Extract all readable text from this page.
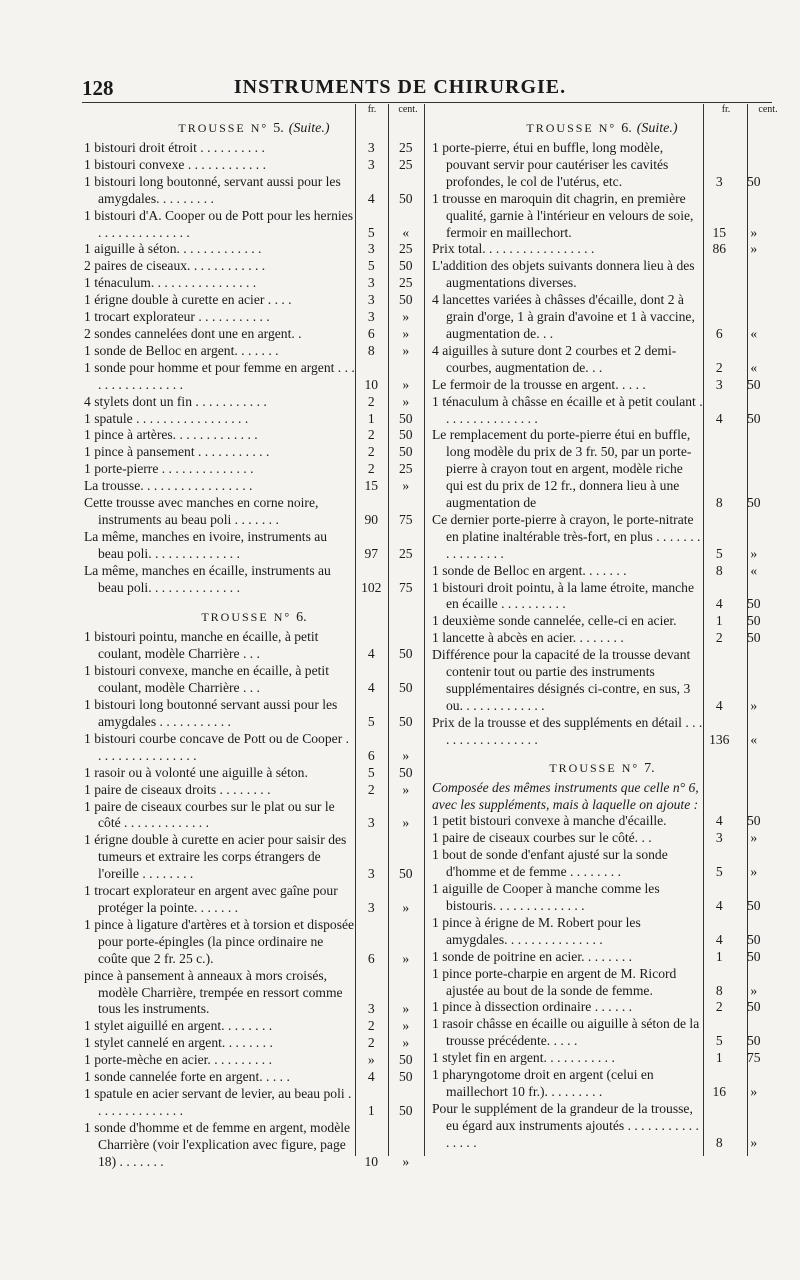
128	INSTRUMENTS DE CHIRURGIE.
fr.	cent.	fr.	cent.
TROUSSE N° 5. (Suite.)
1 bistouri droit étroit . . . . . . . . . .	3	25
1 bistouri convexe . . . . . . . . . . . .	3	25
1 bistouri long boutonné, servant aussi pour les amygdales. . . . . . . . .	4	50
1 bistouri d'A. Cooper ou de Pott pour les hernies . . . . . . . . . . . . . .	5	«
1 aiguille à séton. . . . . . . . . . . . .	3	25
2 paires de ciseaux. . . . . . . . . . . .	5	50
1 ténaculum. . . . . . . . . . . . . . . .	3	25
1 érigne double à curette en acier . . . .	3	50
1 trocart explorateur . . . . . . . . . . .	3	»
2 sondes cannelées dont une en argent. .	6	»
1 sonde de Belloc en argent. . . . . . .	8	»
1 sonde pour homme et pour femme en argent . . . . . . . . . . . . . . . .	10	»
4 stylets dont un fin . . . . . . . . . . .	2	»
1 spatule . . . . . . . . . . . . . . . . .	1	50
1 pince à artères. . . . . . . . . . . . .	2	50
1 pince à pansement . . . . . . . . . . .	2	50
1 porte-pierre . . . . . . . . . . . . . .	2	25
La trousse. . . . . . . . . . . . . . . . .	15	»
Cette trousse avec manches en corne noire, instruments au beau poli . . . . . . .	90	75
La même, manches en ivoire, instruments au beau poli. . . . . . . . . . . . . .	97	25
La même, manches en écaille, instruments au beau poli. . . . . . . . . . . . . .	102	75
TROUSSE N° 6.
1 bistouri pointu, manche en écaille, à petit coulant, modèle Charrière . . .	4	50
1 bistouri convexe, manche en écaille, à petit coulant, modèle Charrière . . .	4	50
1 bistouri long boutonné servant aussi pour les amygdales . . . . . . . . . . .	5	50
1 bistouri courbe concave de Pott ou de Cooper . . . . . . . . . . . . . . . .	6	»
1 rasoir ou à volonté une aiguille à séton.	5	50
1 paire de ciseaux droits . . . . . . . .	2	»
1 paire de ciseaux courbes sur le plat ou sur le côté . . . . . . . . . . . . .	3	»
1 érigne double à curette en acier pour saisir des tumeurs et extraire les corps étrangers de l'oreille . . . . . . . .	3	50
1 trocart explorateur en argent avec gaîne pour protéger la pointe. . . . . . .	3	»
1 pince à ligature d'artères et à torsion et disposée pour porte-épingles (la pince ordinaire ne coûte que 2 fr. 25 c.).	6	»
pince à pansement à anneaux à mors croisés, modèle Charrière, trempée en ressort comme tous les instruments.	3	»
1 stylet aiguillé en argent. . . . . . . .	2	»
1 stylet cannelé en argent. . . . . . . .	2	»
1 porte-mèche en acier. . . . . . . . . .	»	50
1 sonde cannelée forte en argent. . . . .	4	50
1 spatule en acier servant de levier, au beau poli . . . . . . . . . . . . . .	1	50
1 sonde d'homme et de femme en argent, modèle Charrière (voir l'explication avec figure, page 18) . . . . . . .	10	»
TROUSSE N° 6. (Suite.)
1 porte-pierre, étui en buffle, long modèle, pouvant servir pour cautériser les cavités profondes, le col de l'utérus, etc.	3	50
1 trousse en maroquin dit chagrin, en première qualité, garnie à l'intérieur en velours de soie, fermoir en maillechort.	15	»
Prix total. . . . . . . . . . . . . . . . .	86	»
L'addition des objets suivants donnera lieu à des augmentations diverses.
4 lancettes variées à châsses d'écaille, dont 2 à grain d'orge, 1 à grain d'avoine et 1 à vaccine, augmentation de. . .	6	«
4 aiguilles à suture dont 2 courbes et 2 demi-courbes, augmentation de. . .	2	«
Le fermoir de la trousse en argent. . . . .	3	50
1 ténaculum à châsse en écaille et à petit coulant . . . . . . . . . . . . . . .	4	50
Le remplacement du porte-pierre étui en buffle, long modèle du prix de 3 fr. 50, par un porte-pierre à crayon tout en argent, modèle riche qui est du prix de 12 fr., donnera lieu à une augmentation de	8	50
Ce dernier porte-pierre à crayon, le porte-nitrate en platine inaltérable très-fort, en plus . . . . . . . . . . . . . . . .	5	»
1 sonde de Belloc en argent. . . . . . .	8	«
1 bistouri droit pointu, à la lame étroite, manche en écaille . . . . . . . . . .	4	50
1 deuxième sonde cannelée, celle-ci en acier.	1	50
1 lancette à abcès en acier. . . . . . . .	2	50
Différence pour la capacité de la trousse devant contenir tout ou partie des instruments supplémentaires désignés ci-contre, en sus, 3 ou. . . . . . . . . . . . .	4	»
Prix de la trousse et des suppléments en détail . . . . . . . . . . . . . . . . .	136	«
TROUSSE N° 7.
Composée des mêmes instruments que celle n° 6, avec les suppléments, mais à laquelle on ajoute :
1 petit bistouri convexe à manche d'écaille.	4	50
1 paire de ciseaux courbes sur le côté. . .	3	»
1 bout de sonde d'enfant ajusté sur la sonde d'homme et de femme . . . . . . . .	5	»
1 aiguille de Cooper à manche comme les bistouris. . . . . . . . . . . . . .	4	50
1 pince à érigne de M. Robert pour les amygdales. . . . . . . . . . . . . . .	4	50
1 sonde de poitrine en acier. . . . . . . .	1	50
1 pince porte-charpie en argent de M. Ricord ajustée au bout de la sonde de femme.	8	»
1 pince à dissection ordinaire . . . . . .	2	50
1 rasoir châsse en écaille ou aiguille à séton de la trousse précédente. . . . .	5	50
1 stylet fin en argent. . . . . . . . . . .	1	75
1 pharyngotome droit en argent (celui en maillechort 10 fr.). . . . . . . . .	16	»
Pour le supplément de la grandeur de la trousse, eu égard aux instruments ajoutés . . . . . . . . . . . . . . . .	8	»
